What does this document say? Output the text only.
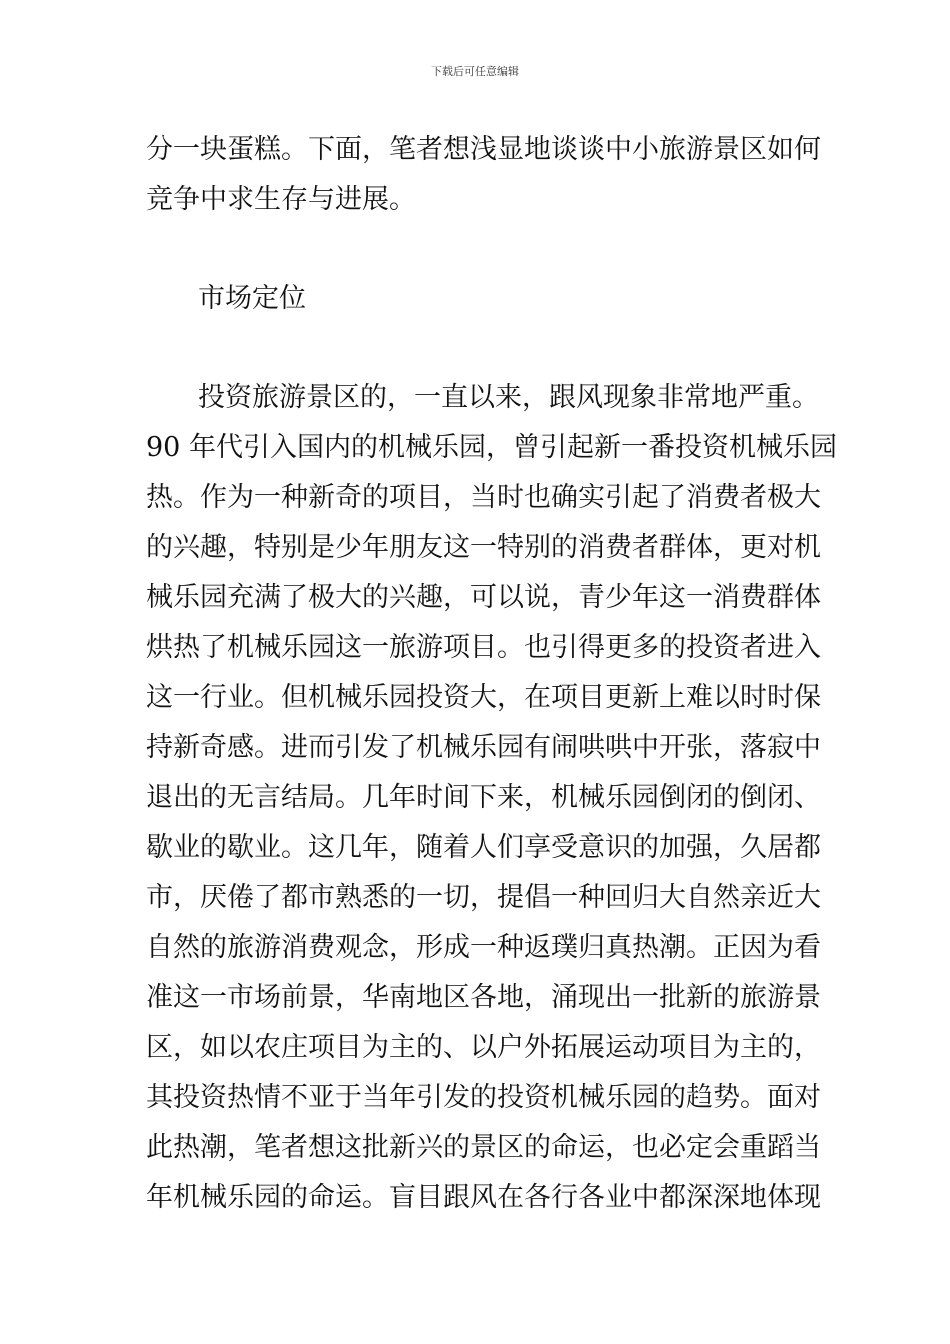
下载后可任意编辑
分一块蛋糕。下面，笔者想浅显地谈谈中小旅游景区如何
竞争中求生存与进展。
市场定位
投资旅游景区的，一直以来，跟风现象非常地严重。
90 年代引入国内的机械乐园，曾引起新一番投资机械乐园
热。作为一种新奇的项目，当时也确实引起了消费者极大
的兴趣，特别是少年朋友这一特别的消费者群体，更对机
械乐园充满了极大的兴趣，可以说，青少年这一消费群体
烘热了机械乐园这一旅游项目。也引得更多的投资者进入
这一行业。但机械乐园投资大，在项目更新上难以时时保
持新奇感。进而引发了机械乐园有闹哄哄中开张，落寂中
退出的无言结局。几年时间下来，机械乐园倒闭的倒闭、
歇业的歇业。这几年，随着人们享受意识的加强，久居都
市，厌倦了都市熟悉的一切，提倡一种回归大自然亲近大
自然的旅游消费观念，形成一种返璞归真热潮。正因为看
准这一市场前景，华南地区各地，涌现出一批新的旅游景
区，如以农庄项目为主的、以户外拓展运动项目为主的，
其投资热情不亚于当年引发的投资机械乐园的趋势。面对
此热潮，笔者想这批新兴的景区的命运，也必定会重蹈当
年机械乐园的命运。盲目跟风在各行各业中都深深地体现
